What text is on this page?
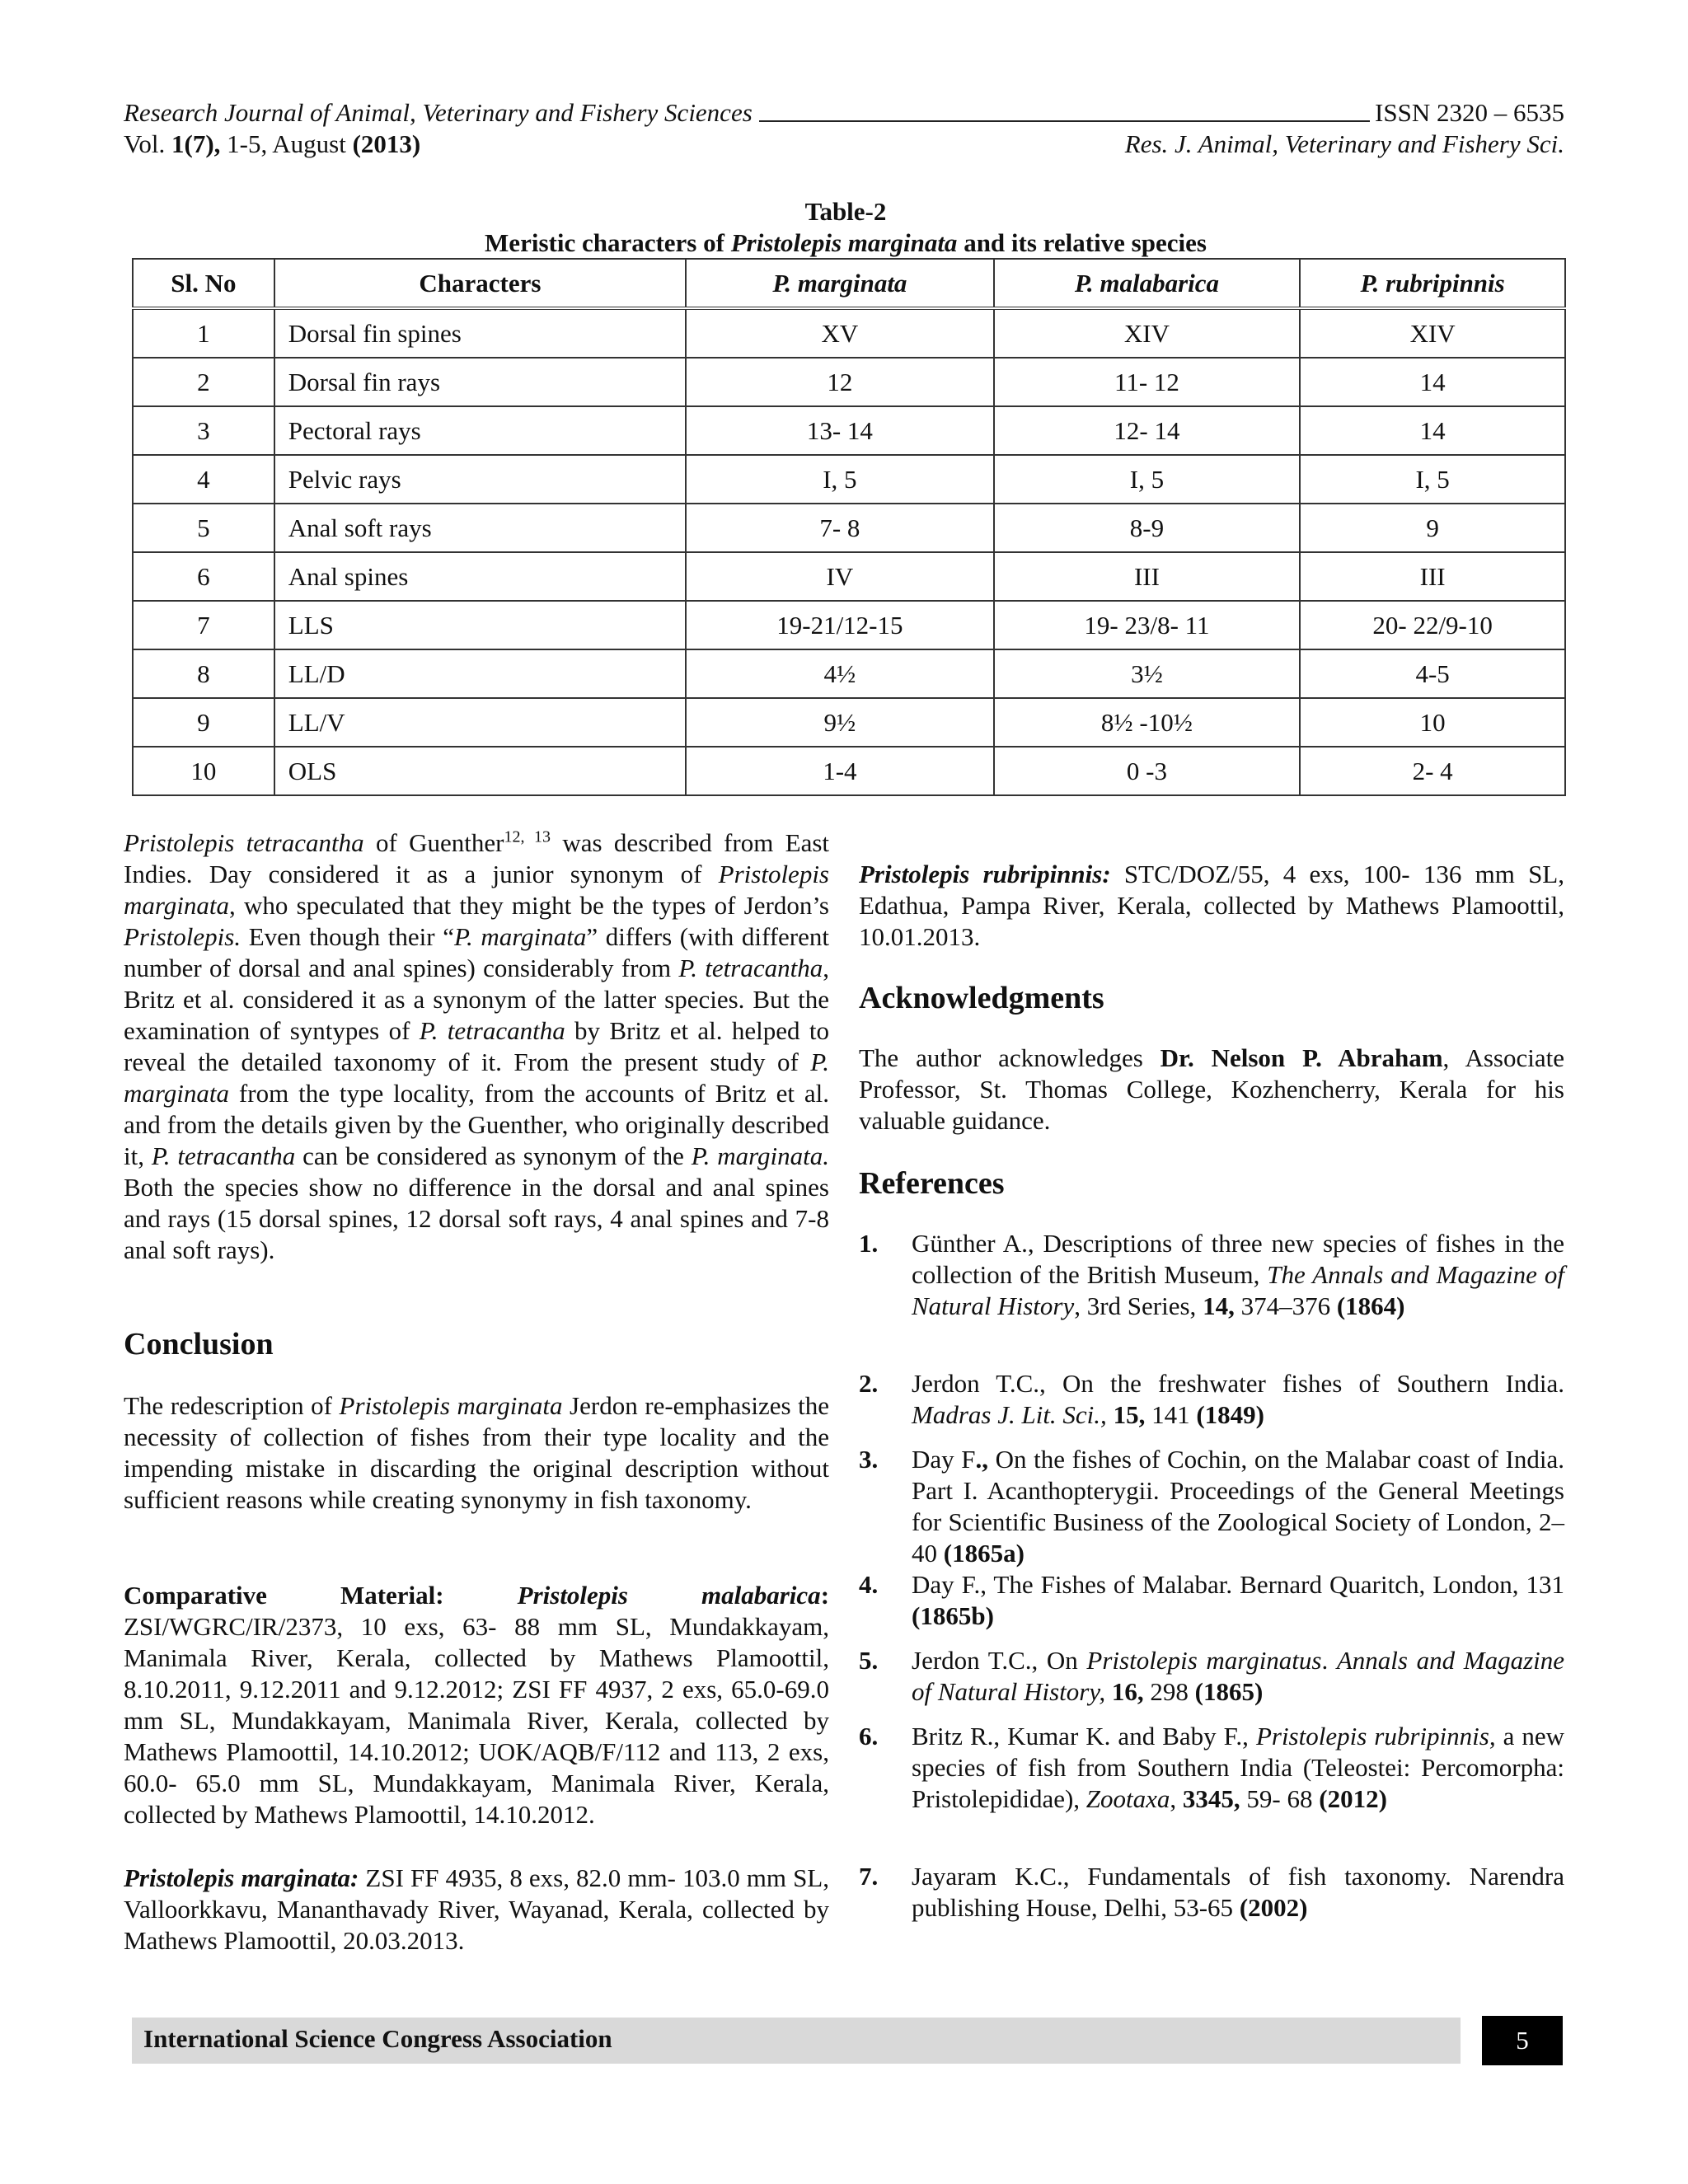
Research Journal of Animal, Veterinary and Fishery Sciences	ISSN 2320 – 6535
Vol. 1(7), 1-5, August (2013)	Res. J. Animal, Veterinary and Fishery Sci.
Table-2
Meristic characters of Pristolepis marginata and its relative species
Sl. No	Characters	P. marginata	P. malabarica	P. rubripinnis
1	Dorsal fin spines	XV	XIV	XIV
2	Dorsal fin rays	12	11- 12	14
3	Pectoral rays	13- 14	12- 14	14
4	Pelvic rays	I, 5	I, 5	I, 5
5	Anal soft rays	7- 8	8-9	9
6	Anal spines	IV	III	III
7	LLS	19-21/12-15	19- 23/8- 11	20- 22/9-10
8	LL/D	4½	3½	4-5
9	LL/V	9½	8½ -10½	10
10	OLS	1-4	0 -3	2- 4
Pristolepis tetracantha of Guenther$^{12, 13}$ was described from East Indies. Day considered it as a junior synonym of Pristolepis marginata, who speculated that they might be the types of Jerdon’s Pristolepis. Even though their “P. marginata” differs (with different number of dorsal and anal spines) considerably from P. tetracantha, Britz et al. considered it as a synonym of the latter species. But the examination of syntypes of P. tetracantha by Britz et al. helped to reveal the detailed taxonomy of it. From the present study of P. marginata from the type locality, from the accounts of Britz et al. and from the details given by the Guenther, who originally described it, P. tetracantha can be considered as synonym of the P. marginata. Both the species show no difference in the dorsal and anal spines and rays (15 dorsal spines, 12 dorsal soft rays, 4 anal spines and 7-8 anal soft rays).
Conclusion
The redescription of Pristolepis marginata Jerdon re-emphasizes the necessity of collection of fishes from their type locality and the impending mistake in discarding the original description without sufficient reasons while creating synonymy in fish taxonomy.
Comparative Material:	Pristolepis malabarica: ZSI/WGRC/IR/2373, 10 exs, 63- 88 mm SL, Mundakkayam, Manimala River, Kerala, collected by Mathews Plamoottil, 8.10.2011, 9.12.2011 and 9.12.2012; ZSI FF 4937, 2 exs, 65.0-69.0 mm SL, Mundakkayam, Manimala River, Kerala, collected by Mathews Plamoottil, 14.10.2012; UOK/AQB/F/112 and 113, 2 exs, 60.0- 65.0 mm SL, Mundakkayam, Manimala River, Kerala, collected by Mathews Plamoottil, 14.10.2012.
Pristolepis marginata: ZSI FF 4935, 8 exs, 82.0 mm- 103.0 mm SL, Valloorkkavu, Mananthavady River, Wayanad, Kerala, collected by Mathews Plamoottil, 20.03.2013.
Pristolepis rubripinnis: STC/DOZ/55, 4 exs, 100- 136 mm SL, Edathua, Pampa River, Kerala, collected by Mathews Plamoottil, 10.01.2013.
Acknowledgments
The author acknowledges Dr. Nelson P. Abraham, Associate Professor, St. Thomas College, Kozhencherry, Kerala for his valuable guidance.
References
1.	Günther A., Descriptions of three new species of fishes in the collection of the British Museum, The Annals and Magazine of Natural History, 3rd Series, 14, 374–376 (1864)
2.	Jerdon T.C., On the freshwater fishes of Southern India. Madras J. Lit. Sci., 15, 141 (1849)
3.	Day F., On the fishes of Cochin, on the Malabar coast of India. Part I. Acanthopterygii. Proceedings of the General Meetings for Scientific Business of the Zoological Society of London, 2– 40 (1865a)
4.	Day F., The Fishes of Malabar. Bernard Quaritch, London, 131 (1865b)
5.	Jerdon T.C., On Pristolepis marginatus. Annals and Magazine of Natural History, 16, 298 (1865)
6.	Britz R., Kumar K. and Baby F., Pristolepis rubripinnis, a new species of fish from Southern India (Teleostei: Percomorpha: Pristolepididae), Zootaxa, 3345, 59- 68 (2012)
7.	Jayaram K.C., Fundamentals of fish taxonomy. Narendra publishing House, Delhi, 53-65 (2002)
International Science Congress Association	5
